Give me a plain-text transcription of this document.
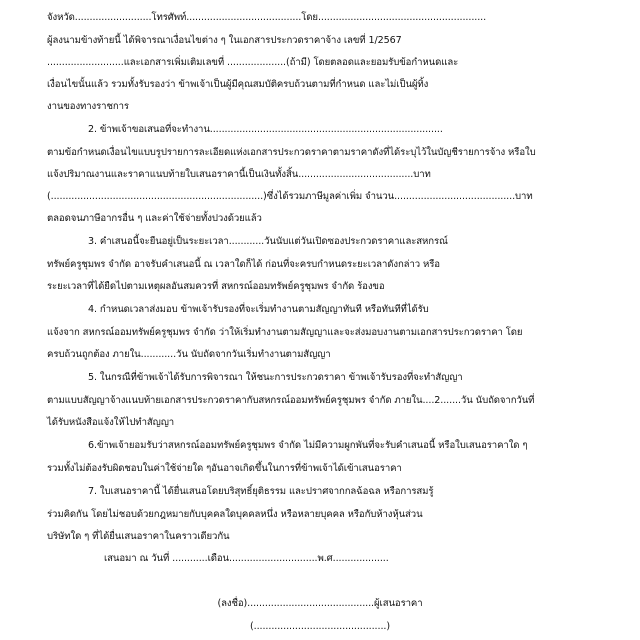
จังหวัด..........................โทรศัพท์.......................................โดย.........................................................
ผู้ลงนามข้างท้ายนี้ ได้พิจารณาเงื่อนไขต่าง ๆ ในเอกสารประกวดราคาจ้าง เลขที่ 1/2567
..........................และเอกสารเพิ่มเติมเลขที่ ....................(ถ้ามี) โดยตลอดและยอมรับข้อกำหนดและ
เงื่อนไขนั้นแล้ว รวมทั้งรับรองว่า ข้าพเจ้าเป็นผู้มีคุณสมบัติครบถ้วนตามที่กำหนด และไม่เป็นผู้ทิ้ง
งานของทางราชการ
2. ข้าพเจ้าขอเสนอที่จะทำงาน...............................................................................
ตามข้อกำหนดเงื่อนไขแบบรูปรายการละเอียดแห่งเอกสารประกวดราคาตามราคาดังที่ได้ระบุไว้ในบัญชีรายการจ้าง หรือใบ
แจ้งปริมาณงานและราคาแนบท้ายใบเสนอราคานี้เป็นเงินทั้งสิ้น.......................................บาท
(........................................................................)ซึ่งได้รวมภาษีมูลค่าเพิ่ม จำนวน.........................................บาท
ตลอดจนภาษีอากรอื่น ๆ และค่าใช้จ่ายทั้งปวงด้วยแล้ว
3. คำเสนอนี้จะยืนอยู่เป็นระยะเวลา............วันนับแต่วันเปิดซองประกวดราคาและสหกรณ์
ทรัพย์ครูชุมพร จำกัด อาจรับคำเสนอนี้ ณ เวลาใดก็ได้ ก่อนที่จะครบกำหนดระยะเวลาดังกล่าว หรือ
ระยะเวลาที่ได้ยืดไปตามเหตุผลอันสมควรที่ สหกรณ์ออมทรัพย์ครูชุมพร จำกัด ร้องขอ
4. กำหนดเวลาส่งมอบ ข้าพเจ้ารับรองที่จะเริ่มทำงานตามสัญญาทันที หรือทันทีที่ได้รับ
แจ้งจาก สหกรณ์ออมทรัพย์ครูชุมพร จำกัด ว่าให้เริ่มทำงานตามสัญญาและจะส่งมอบงานตามเอกสารประกวดราคา โดย
ครบถ้วนถูกต้อง ภายใน............วัน นับถัดจากวันเริ่มทำงานตามสัญญา
5. ในกรณีที่ข้าพเจ้าได้รับการพิจารณา ให้ชนะการประกวดราคา ข้าพเจ้ารับรองที่จะทำสัญญา
ตามแบบสัญญาจ้างแนบท้ายเอกสารประกวดราคากับสหกรณ์ออมทรัพย์ครูชุมพร จำกัด ภายใน....2.......วัน นับถัดจากวันที่
ได้รับหนังสือแจ้งให้ไปทำสัญญา
6.ข้าพเจ้ายอมรับว่าสหกรณ์ออมทรัพย์ครูชุมพร จำกัด ไม่มีความผูกพันที่จะรับคำเสนอนี้ หรือใบเสนอราคาใด ๆ
รวมทั้งไม่ต้องรับผิดชอบในค่าใช้จ่ายใด ๆอันอาจเกิดขึ้นในการที่ข้าพเจ้าได้เข้าเสนอราคา
7. ใบเสนอราคานี้ ได้ยื่นเสนอโดยบริสุทธิ์ยุติธรรม และปราศจากกลฉ้อฉล หรือการสมรู้
ร่วมคิดกัน โดยไม่ชอบด้วยกฎหมายกับบุคคลใดบุคคลหนึ่ง หรือหลายบุคคล หรือกับห้างหุ้นส่วน
บริษัทใด ๆ ที่ได้ยื่นเสนอราคาในคราวเดียวกัน
เสนอมา ณ วันที่ ............เดือน..............................พ.ศ...................
(ลงชื่อ)...........................................ผู้เสนอราคา
(.............................................)
